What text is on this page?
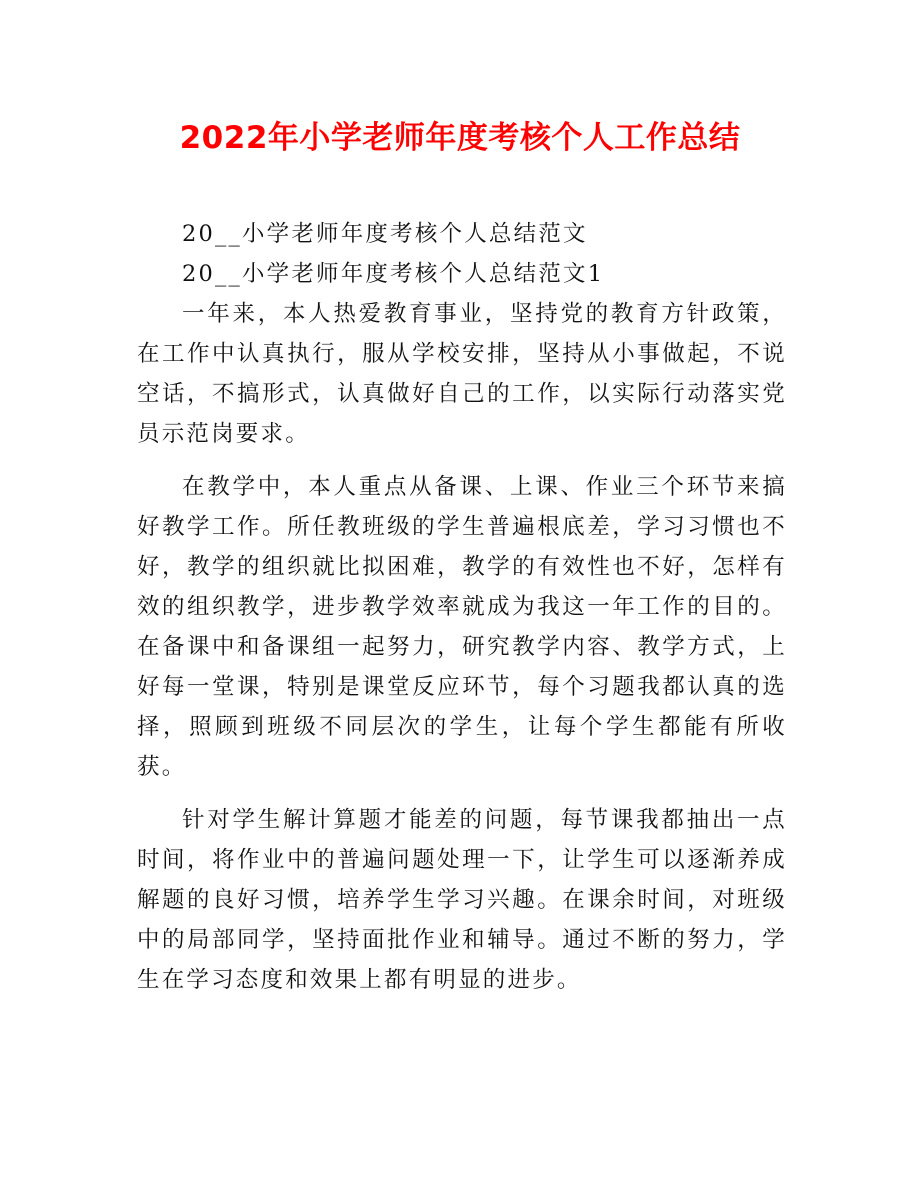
2022年小学老师年度考核个人工作总结

20__小学老师年度考核个人总结范文

20__小学老师年度考核个人总结范文1

一年来，本人热爱教育事业，坚持党的教育方针政策，在工作中认真执行，服从学校安排，坚持从小事做起，不说空话，不搞形式，认真做好自己的工作，以实际行动落实党员示范岗要求。

在教学中，本人重点从备课、上课、作业三个环节来搞好教学工作。所任教班级的学生普遍根底差，学习习惯也不好，教学的组织就比拟困难，教学的有效性也不好，怎样有效的组织教学，进步教学效率就成为我这一年工作的目的。在备课中和备课组一起努力，研究教学内容、教学方式，上好每一堂课，特别是课堂反应环节，每个习题我都认真的选择，照顾到班级不同层次的学生，让每个学生都能有所收获。

针对学生解计算题才能差的问题，每节课我都抽出一点时间，将作业中的普遍问题处理一下，让学生可以逐渐养成解题的良好习惯，培养学生学习兴趣。在课余时间，对班级中的局部同学，坚持面批作业和辅导。通过不断的努力，学生在学习态度和效果上都有明显的进步。
